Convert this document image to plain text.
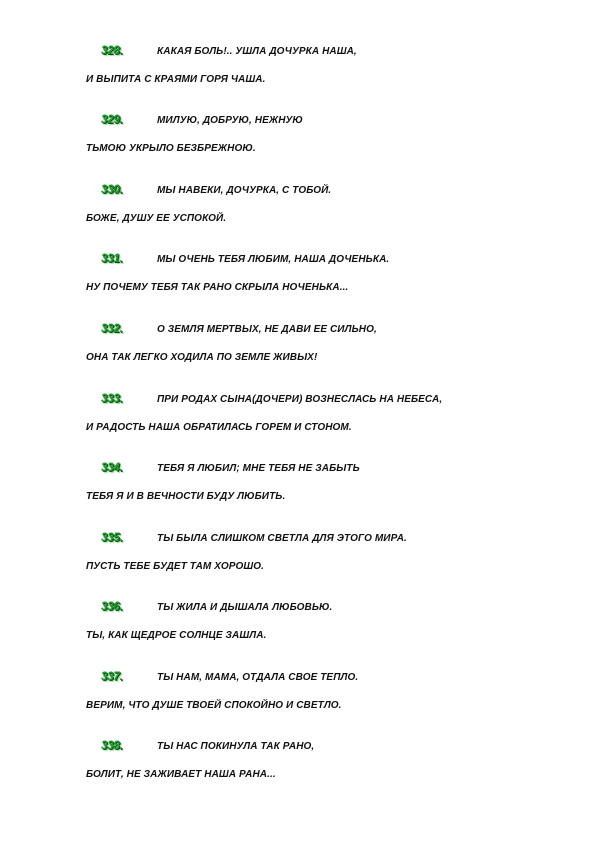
328.	КАКАЯ БОЛЬ!.. УШЛА ДОЧУРКА НАША,
И ВЫПИТА С КРАЯМИ ГОРЯ ЧАША.
329.	МИЛУЮ, ДОБРУЮ, НЕЖНУЮ
ТЬМОЮ УКРЫЛО БЕЗБРЕЖНОЮ.
330.	МЫ НАВЕКИ, ДОЧУРКА, С ТОБОЙ.
БОЖЕ, ДУШУ ЕЕ УСПОКОЙ.
331.	МЫ ОЧЕНЬ ТЕБЯ ЛЮБИМ, НАША ДОЧЕНЬКА.
НУ ПОЧЕМУ ТЕБЯ ТАК РАНО СКРЫЛА НОЧЕНЬКА...
332.	О ЗЕМЛЯ МЕРТВЫХ, НЕ ДАВИ ЕЕ СИЛЬНО,
ОНА ТАК ЛЕГКО ХОДИЛА ПО ЗЕМЛЕ ЖИВЫХ!
333.	ПРИ РОДАХ СЫНА(ДОЧЕРИ) ВОЗНЕСЛАСЬ НА НЕБЕСА,
И РАДОСТЬ НАША ОБРАТИЛАСЬ ГОРЕМ И СТОНОМ.
334.	ТЕБЯ Я ЛЮБИЛ; МНЕ ТЕБЯ НЕ ЗАБЫТЬ
ТЕБЯ Я И В ВЕЧНОСТИ БУДУ ЛЮБИТЬ.
335.	ТЫ БЫЛА СЛИШКОМ СВЕТЛА ДЛЯ ЭТОГО МИРА.
ПУСТЬ ТЕБЕ БУДЕТ ТАМ ХОРОШО.
336.	ТЫ ЖИЛА И ДЫШАЛА ЛЮБОВЬЮ.
ТЫ, КАК ЩЕДРОЕ СОЛНЦЕ ЗАШЛА.
337.	ТЫ НАМ, МАМА, ОТДАЛА СВОЕ ТЕПЛО.
ВЕРИМ, ЧТО ДУШЕ ТВОЕЙ СПОКОЙНО И СВЕТЛО.
338.	ТЫ НАС ПОКИНУЛА ТАК РАНО,
БОЛИТ, НЕ ЗАЖИВАЕТ НАША РАНА...
